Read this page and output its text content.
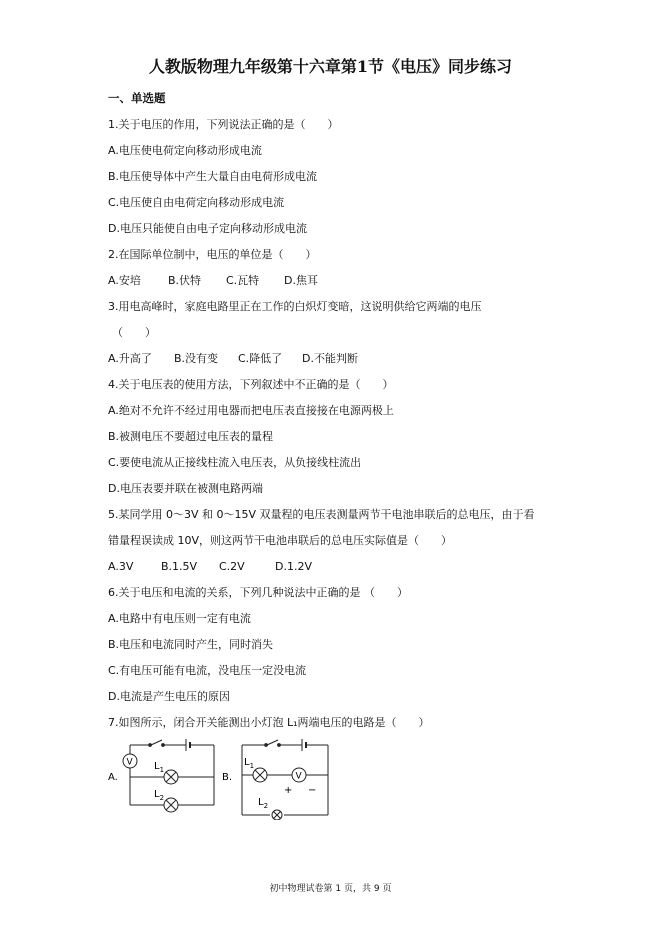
人教版物理九年级第十六章第1节《电压》同步练习
一、单选题
1.关于电压的作用，下列说法正确的是（　　）
A.电压使电荷定向移动形成电流
B.电压使导体中产生大量自由电荷形成电流
C.电压使自由电荷定向移动形成电流
D.电压只能使自由电子定向移动形成电流
2.在国际单位制中，电压的单位是（　　）
A.安培 B.伏特 C.瓦特 D.焦耳
3.用电高峰时，家庭电路里正在工作的白炽灯变暗，这说明供给它两端的电压
（　　）
A.升高了 B.没有变 C.降低了 D.不能判断
4.关于电压表的使用方法，下列叙述中不正确的是（　　）
A.绝对不允许不经过用电器而把电压表直接接在电源两极上
B.被测电压不要超过电压表的量程
C.要使电流从正接线柱流入电压表，从负接线柱流出
D.电压表要并联在被测电路两端
5.某同学用 0～3V 和 0～15V 双量程的电压表测量两节干电池串联后的总电压，由于看
错量程误读成 10V，则这两节干电池串联后的总电压实际值是（　　）
A.3V	B.1.5V C.2V	D.1.2V
6.关于电压和电流的关系，下列几种说法中正确的是 （　　）
A.电路中有电压则一定有电流
B.电压和电流同时产生，同时消失
C.有电压可能有电流，没电压一定没电流
D.电流是产生电压的原因
7.如图所示，闭合开关能测出小灯泡 L₁两端电压的电路是（　　）
A.
V $L_1$
$L_2$
B.
$L_1$
V
+ −
$L_2$
初中物理试卷第 1 页，共 9 页
